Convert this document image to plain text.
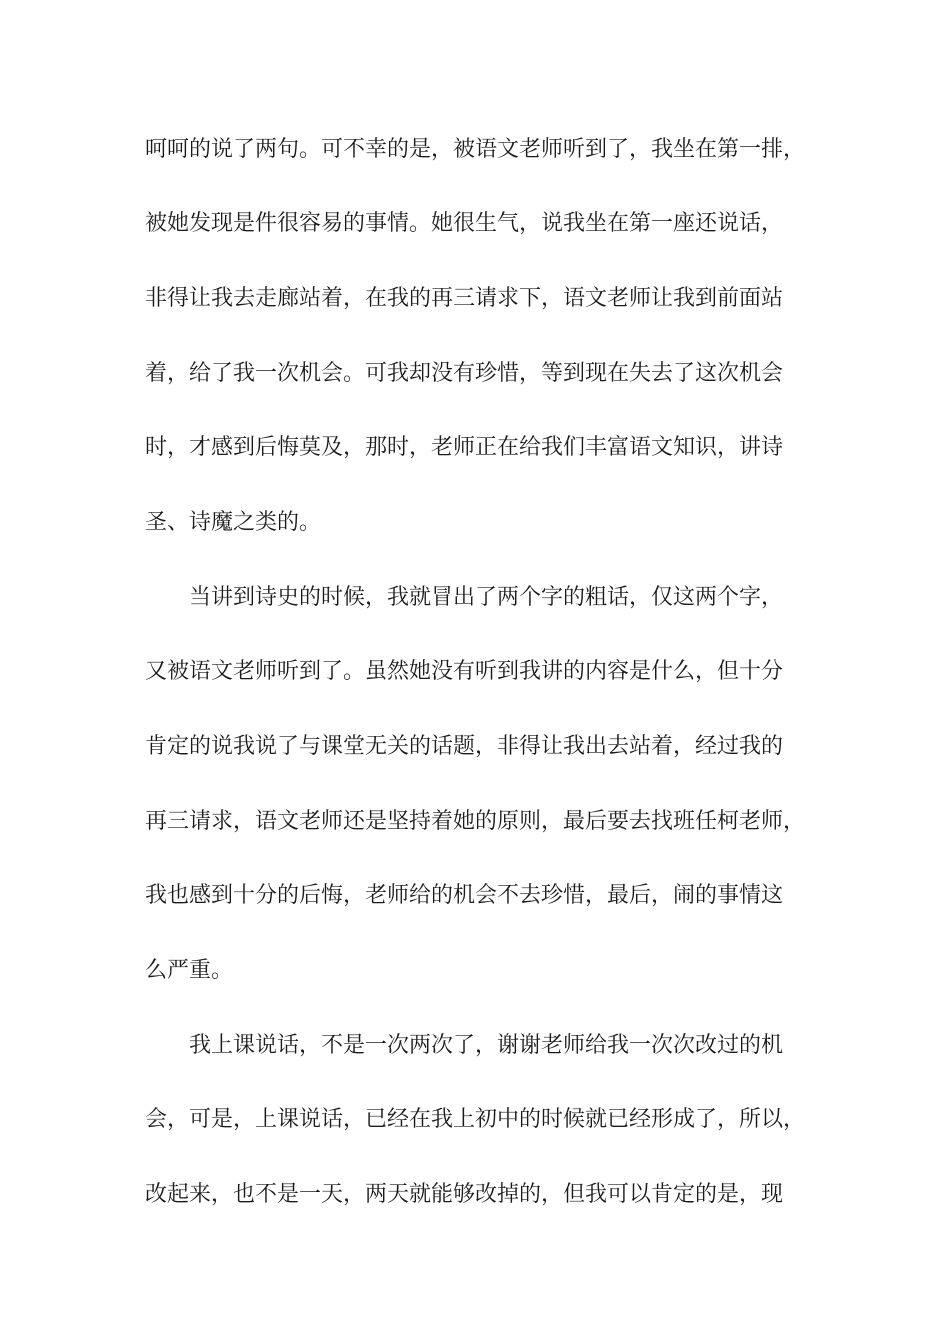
呵呵的说了两句。可不幸的是，被语文老师听到了，我坐在第一排，
被她发现是件很容易的事情。她很生气，说我坐在第一座还说话，
非得让我去走廊站着，在我的再三请求下，语文老师让我到前面站
着，给了我一次机会。可我却没有珍惜，等到现在失去了这次机会
时，才感到后悔莫及，那时，老师正在给我们丰富语文知识，讲诗
圣、诗魔之类的。
当讲到诗史的时候，我就冒出了两个字的粗话，仅这两个字，
又被语文老师听到了。虽然她没有听到我讲的内容是什么，但十分
肯定的说我说了与课堂无关的话题，非得让我出去站着，经过我的
再三请求，语文老师还是坚持着她的原则，最后要去找班任柯老师，
我也感到十分的后悔，老师给的机会不去珍惜，最后，闹的事情这
么严重。
我上课说话，不是一次两次了，谢谢老师给我一次次改过的机
会，可是，上课说话，已经在我上初中的时候就已经形成了，所以，
改起来，也不是一天，两天就能够改掉的，但我可以肯定的是，现
